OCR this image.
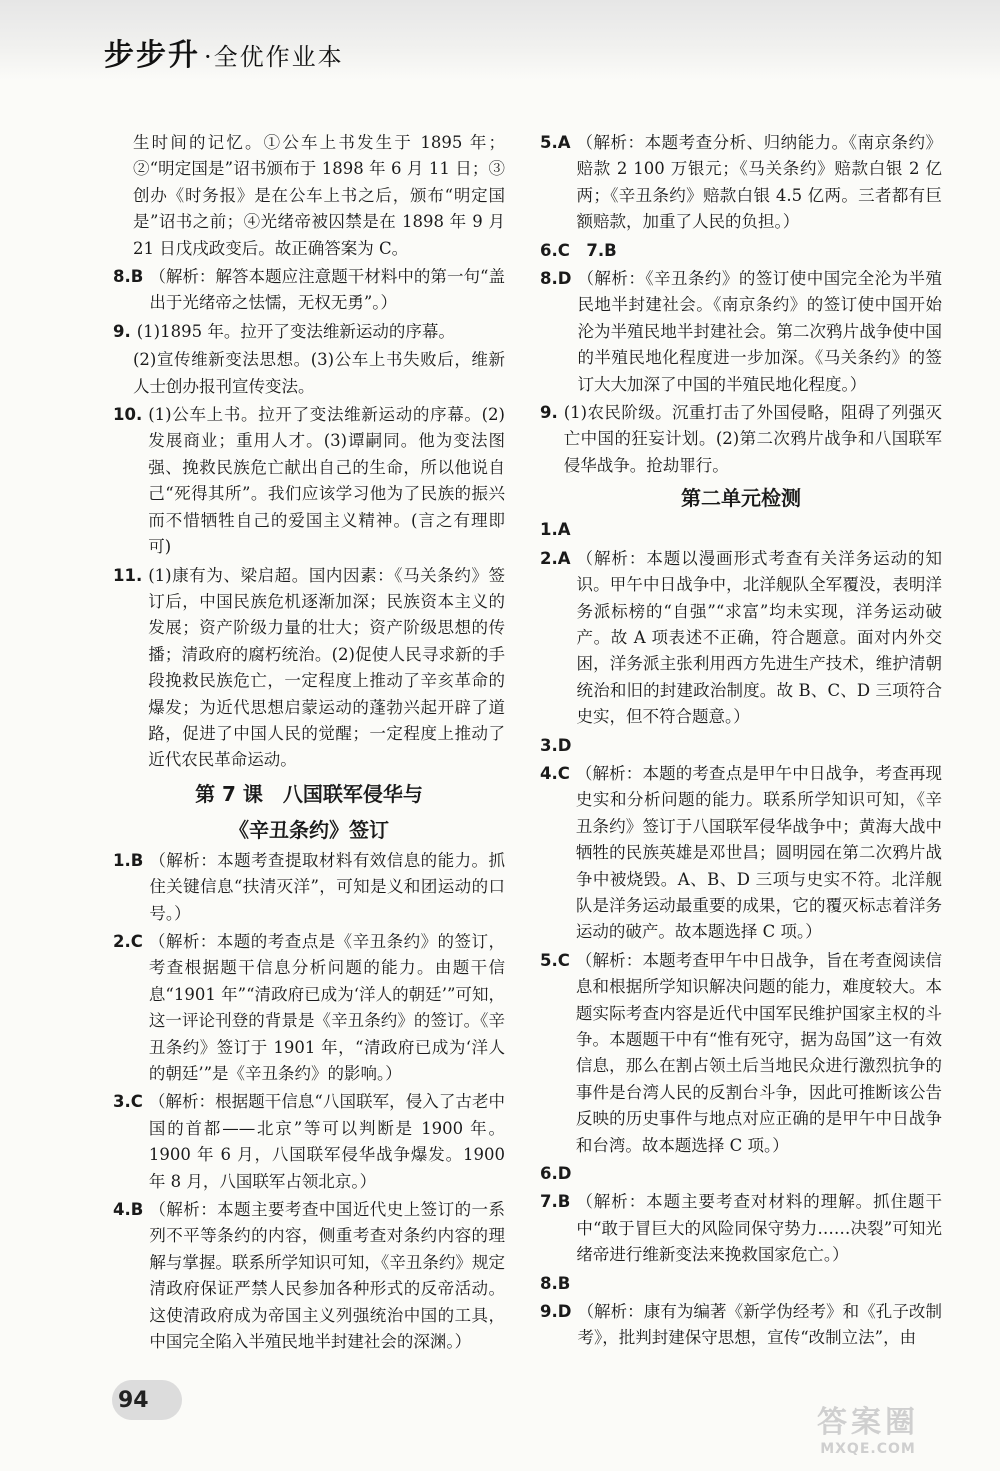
步步升 ·全优作业本
生时间的记忆。①公车上书发生于 1895 年；②“明定国是”诏书颁布于 1898 年 6 月 11 日；③创办《时务报》是在公车上书之后，颁布“明定国是”诏书之前；④光绪帝被囚禁是在 1898 年 9 月 21 日戊戌政变后。故正确答案为 C。
8.B （解析：解答本题应注意题干材料中的第一句“盖出于光绪帝之怯懦，无权无勇”。）
9. (1)1895 年。拉开了变法维新运动的序幕。
(2)宣传维新变法思想。(3)公车上书失败后，维新人士创办报刊宣传变法。
10. (1)公车上书。拉开了变法维新运动的序幕。(2)发展商业；重用人才。(3)谭嗣同。他为变法图强、挽救民族危亡献出自己的生命，所以他说自己“死得其所”。我们应该学习他为了民族的振兴而不惜牺牲自己的爱国主义精神。(言之有理即可)
11. (1)康有为、梁启超。国内因素：《马关条约》签订后，中国民族危机逐渐加深；民族资本主义的发展；资产阶级力量的壮大；资产阶级思想的传播；清政府的腐朽统治。(2)促使人民寻求新的手段挽救民族危亡，一定程度上推动了辛亥革命的爆发；为近代思想启蒙运动的蓬勃兴起开辟了道路，促进了中国人民的觉醒；一定程度上推动了近代农民革命运动。
第 7 课　八国联军侵华与
《辛丑条约》签订
1.B （解析：本题考查提取材料有效信息的能力。抓住关键信息“扶清灭洋”，可知是义和团运动的口号。）
2.C （解析：本题的考查点是《辛丑条约》的签订，考查根据题干信息分析问题的能力。由题干信息“1901 年”“清政府已成为‘洋人的朝廷’”可知，这一评论刊登的背景是《辛丑条约》的签订。《辛丑条约》签订于 1901 年，“清政府已成为‘洋人的朝廷’”是《辛丑条约》的影响。）
3.C （解析：根据题干信息“八国联军，侵入了古老中国的首都——北京”等可以判断是 1900 年。1900 年 6 月，八国联军侵华战争爆发。1900 年 8 月，八国联军占领北京。）
4.B （解析：本题主要考查中国近代史上签订的一系列不平等条约的内容，侧重考查对条约内容的理解与掌握。联系所学知识可知，《辛丑条约》规定清政府保证严禁人民参加各种形式的反帝活动。这使清政府成为帝国主义列强统治中国的工具，中国完全陷入半殖民地半封建社会的深渊。）
5.A （解析：本题考查分析、归纳能力。《南京条约》赔款 2 100 万银元；《马关条约》赔款白银 2 亿两；《辛丑条约》赔款白银 4.5 亿两。三者都有巨额赔款，加重了人民的负担。）
6.C　7.B
8.D （解析：《辛丑条约》的签订使中国完全沦为半殖民地半封建社会。《南京条约》的签订使中国开始沦为半殖民地半封建社会。第二次鸦片战争使中国的半殖民地化程度进一步加深。《马关条约》的签订大大加深了中国的半殖民地化程度。）
9. (1)农民阶级。沉重打击了外国侵略，阻碍了列强灭亡中国的狂妄计划。(2)第二次鸦片战争和八国联军侵华战争。抢劫罪行。
第二单元检测
1.A
2.A （解析：本题以漫画形式考查有关洋务运动的知识。甲午中日战争中，北洋舰队全军覆没，表明洋务派标榜的“自强”“求富”均未实现，洋务运动破产。故 A 项表述不正确，符合题意。面对内外交困，洋务派主张利用西方先进生产技术，维护清朝统治和旧的封建政治制度。故 B、C、D 三项符合史实，但不符合题意。）
3.D
4.C （解析：本题的考查点是甲午中日战争，考查再现史实和分析问题的能力。联系所学知识可知，《辛丑条约》签订于八国联军侵华战争中；黄海大战中牺牲的民族英雄是邓世昌；圆明园在第二次鸦片战争中被烧毁。A、B、D 三项与史实不符。北洋舰队是洋务运动最重要的成果，它的覆灭标志着洋务运动的破产。故本题选择 C 项。）
5.C （解析：本题考查甲午中日战争，旨在考查阅读信息和根据所学知识解决问题的能力，难度较大。本题实际考查内容是近代中国军民维护国家主权的斗争。本题题干中有“惟有死守，据为岛国”这一有效信息，那么在割占领土后当地民众进行激烈抗争的事件是台湾人民的反割台斗争，因此可推断该公告反映的历史事件与地点对应正确的是甲午中日战争和台湾。故本题选择 C 项。）
6.D
7.B （解析：本题主要考查对材料的理解。抓住题干中“敢于冒巨大的风险同保守势力……决裂”可知光绪帝进行维新变法来挽救国家危亡。）
8.B
9.D （解析：康有为编著《新学伪经考》和《孔子改制考》，批判封建保守思想，宣传“改制立法”，由
94
答案圈
MXQE.COM
